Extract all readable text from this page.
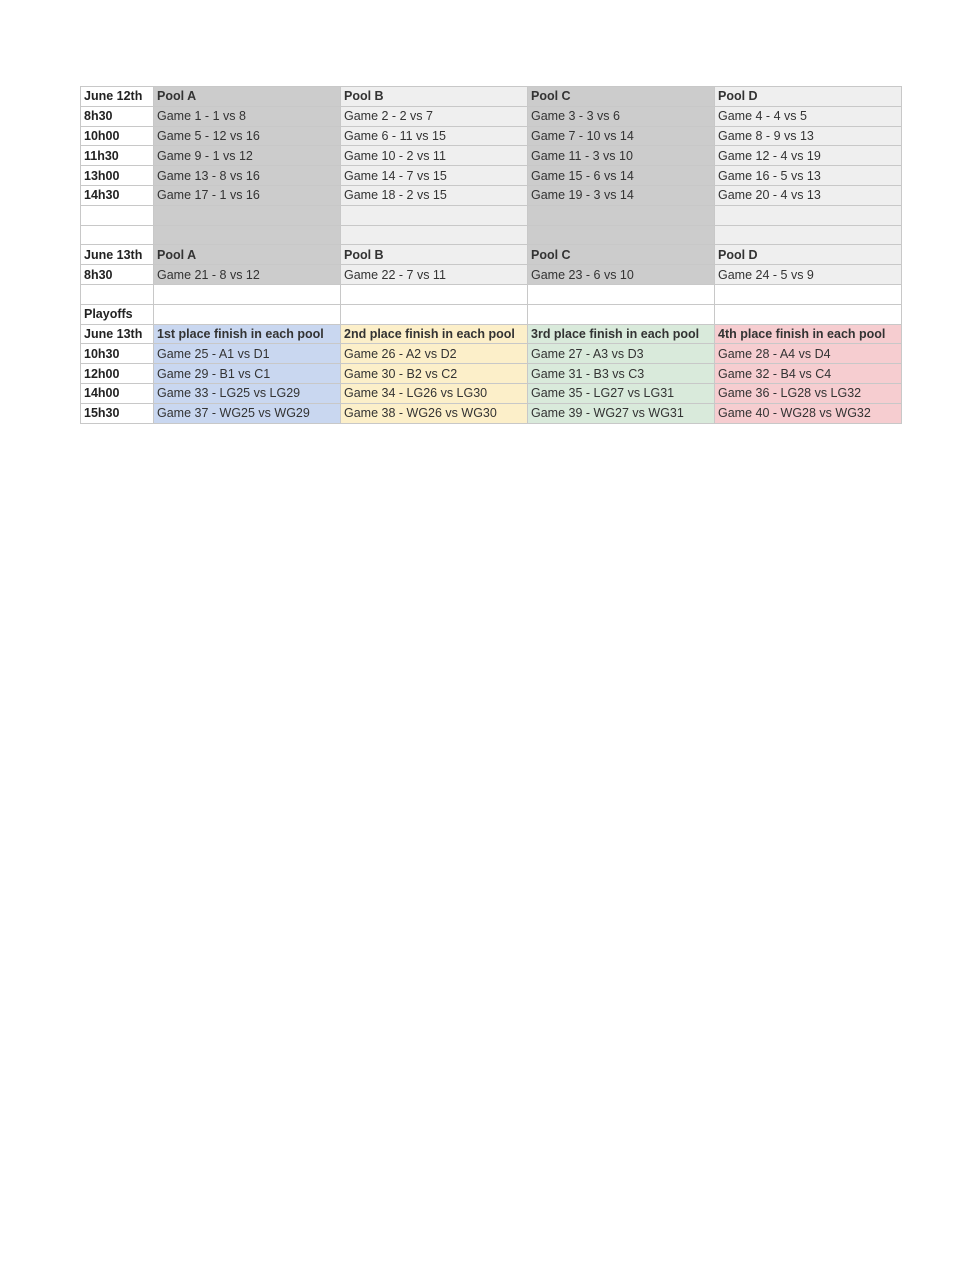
June 12th	Pool A	Pool B	Pool C	Pool D
8h30	Game 1 - 1 vs 8	Game 2 - 2 vs 7	Game 3 - 3 vs 6	Game 4 - 4 vs 5
10h00	Game 5 - 12 vs 16	Game 6 - 11 vs 15	Game 7 - 10 vs 14	Game 8 - 9 vs 13
11h30	Game 9 - 1 vs 12	Game 10 - 2 vs 11	Game 11 - 3 vs 10	Game 12 - 4 vs 19
13h00	Game 13 - 8 vs 16	Game 14 - 7 vs 15	Game 15 - 6 vs 14	Game 16 - 5 vs 13
14h30	Game 17 - 1 vs 16	Game 18 - 2 vs 15	Game 19 - 3 vs 14	Game 20 - 4 vs 13

June 13th	Pool A	Pool B	Pool C	Pool D
8h30	Game 21 - 8 vs 12	Game 22 - 7 vs 11	Game 23 - 6 vs 10	Game 24 - 5 vs 9

Playoffs				
June 13th	1st place finish in each pool	2nd place finish in each pool	3rd place finish in each pool	4th place finish in each pool
10h30	Game 25 - A1 vs D1	Game 26 - A2 vs D2	Game 27 - A3 vs D3	Game 28 - A4 vs D4
12h00	Game 29 - B1 vs C1	Game 30 - B2 vs C2	Game 31 - B3 vs C3	Game 32 - B4 vs C4
14h00	Game 33 - LG25 vs LG29	Game 34 - LG26 vs LG30	Game 35 - LG27 vs LG31	Game 36 - LG28 vs LG32
15h30	Game 37 - WG25 vs WG29	Game 38 - WG26 vs WG30	Game 39 - WG27 vs WG31	Game 40 - WG28 vs WG32
